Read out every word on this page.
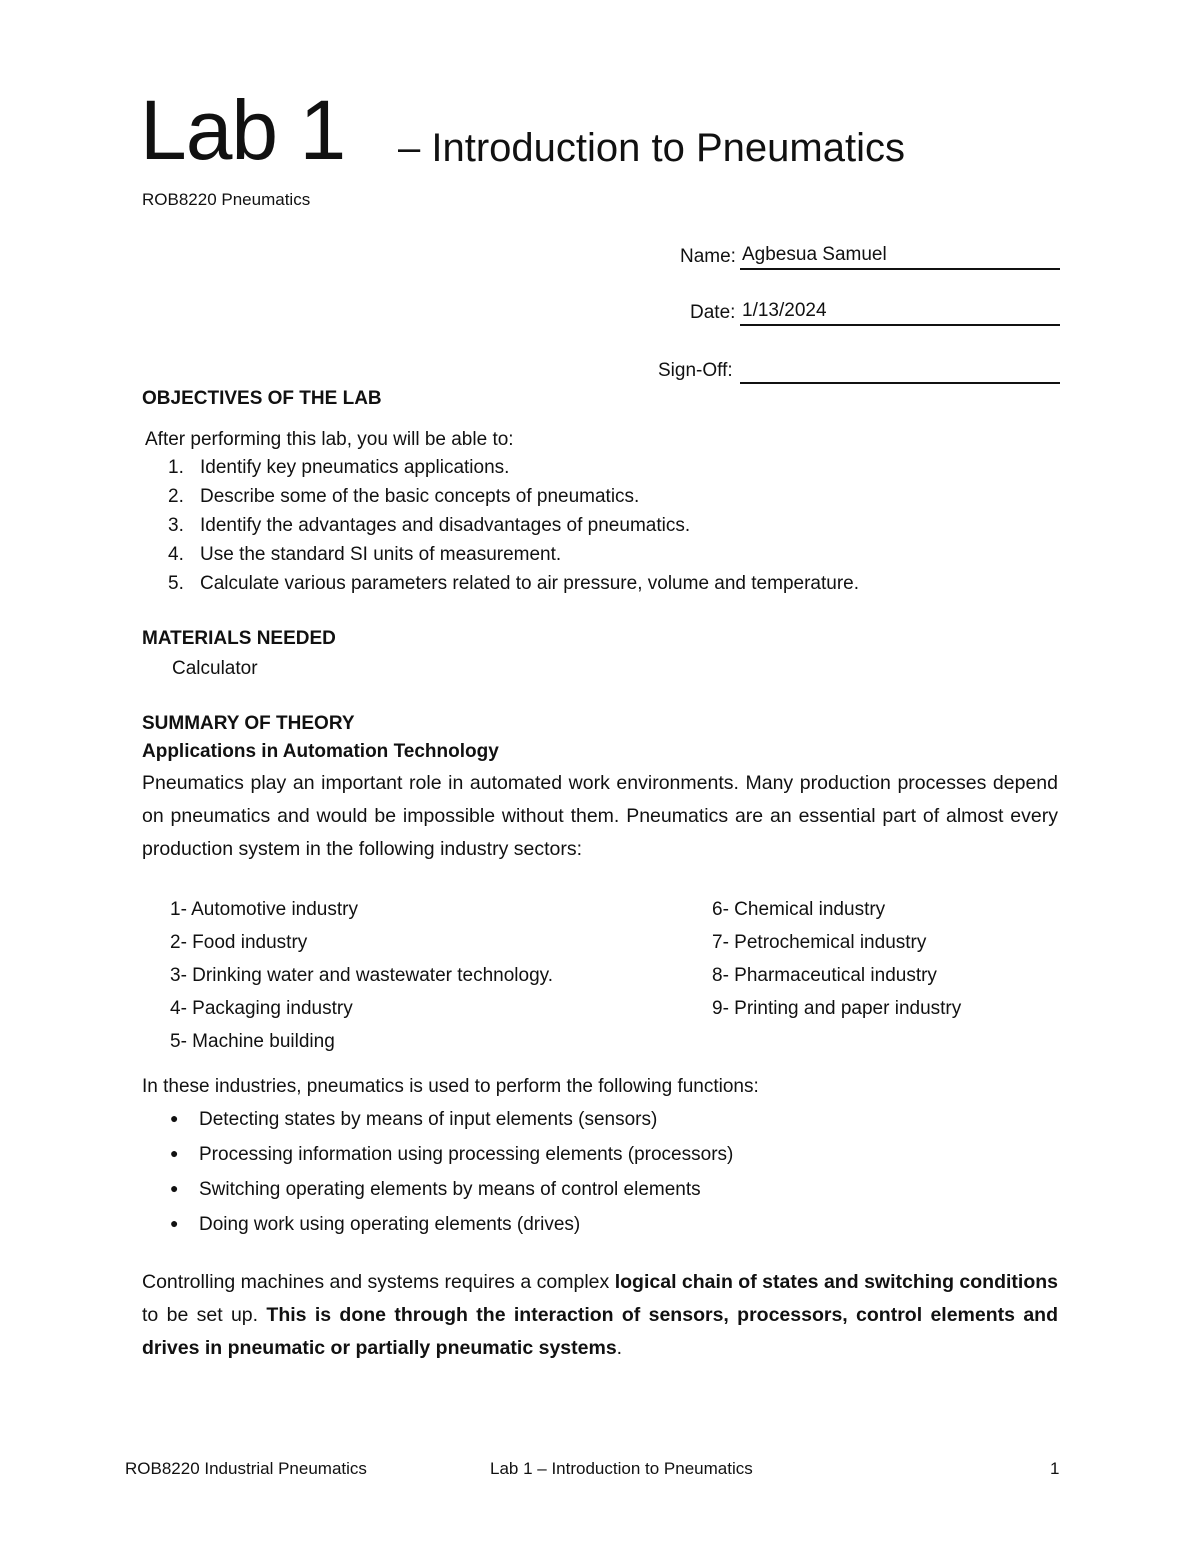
Lab 1 – Introduction to Pneumatics
ROB8220 Pneumatics
Name: Agbesua Samuel
Date: 1/13/2024
Sign-Off:
OBJECTIVES OF THE LAB
After performing this lab, you will be able to:
1. Identify key pneumatics applications.
2. Describe some of the basic concepts of pneumatics.
3. Identify the advantages and disadvantages of pneumatics.
4. Use the standard SI units of measurement.
5. Calculate various parameters related to air pressure, volume and temperature.
MATERIALS NEEDED
Calculator
SUMMARY OF THEORY
Applications in Automation Technology
Pneumatics play an important role in automated work environments. Many production processes depend on pneumatics and would be impossible without them. Pneumatics are an essential part of almost every production system in the following industry sectors:
1- Automotive industry
2- Food industry
3- Drinking water and wastewater technology.
4- Packaging industry
5- Machine building
6- Chemical industry
7- Petrochemical industry
8- Pharmaceutical industry
9- Printing and paper industry
In these industries, pneumatics is used to perform the following functions:
● Detecting states by means of input elements (sensors)
● Processing information using processing elements (processors)
● Switching operating elements by means of control elements
● Doing work using operating elements (drives)
Controlling machines and systems requires a complex logical chain of states and switching conditions to be set up. This is done through the interaction of sensors, processors, control elements and drives in pneumatic or partially pneumatic systems.
ROB8220 Industrial Pneumatics	Lab 1 – Introduction to Pneumatics	1
